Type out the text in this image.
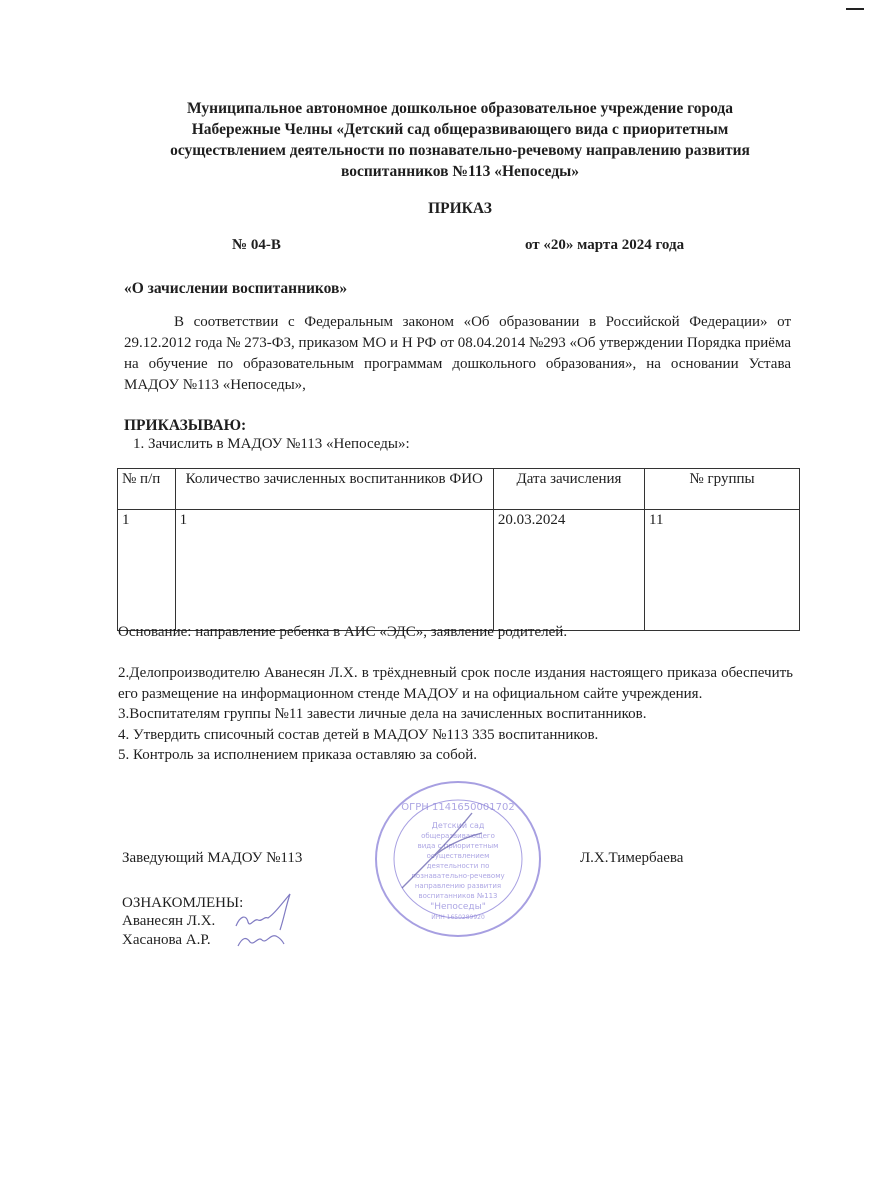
Муниципальное автономное дошкольное образовательное учреждение города
Набережные Челны «Детский сад общеразвивающего вида с приоритетным
осуществлением деятельности по познавательно-речевому направлению развития
воспитанников №113 «Непоседы»
ПРИКАЗ
№ 04-В	от «20» марта 2024 года
«О зачислении воспитанников»
В соответствии с Федеральным законом «Об образовании в Российской Федерации» от 29.12.2012 года № 273-ФЗ, приказом МО и Н РФ от 08.04.2014 №293 «Об утверждении Порядка приёма на обучение по образовательным программам дошкольного образования», на основании Устава МАДОУ №113 «Непоседы»,
ПРИКАЗЫВАЮ:
1. Зачислить в МАДОУ №113 «Непоседы»:
№ п/п	Количество зачисленных воспитанников ФИО	Дата зачисления	№ группы
1	1	20.03.2024	11
Основание: направление ребенка в АИС «ЭДС», заявление родителей.
2.Делопроизводителю Аванесян Л.Х. в трёхдневный срок после издания настоящего приказа обеспечить его размещение на информационном стенде МАДОУ и на официальном сайте учреждения.
3.Воспитателям группы №11 завести личные дела на зачисленных воспитанников.
4. Утвердить списочный состав детей в МАДОУ №113 335 воспитанников.
5. Контроль за исполнением приказа оставляю за собой.
ОГРН 1141650001702
Детский сад
общеразвивающего
вида с приоритетным
осуществлением
деятельности по
познавательно-речевому
направлению развития
воспитанников №113
"Непоседы"
ИНН 1650289920
Заведующий МАДОУ №113	Л.Х.Тимербаева
ОЗНАКОМЛЕНЫ:
Аванесян Л.Х.
Хасанова А.Р.
